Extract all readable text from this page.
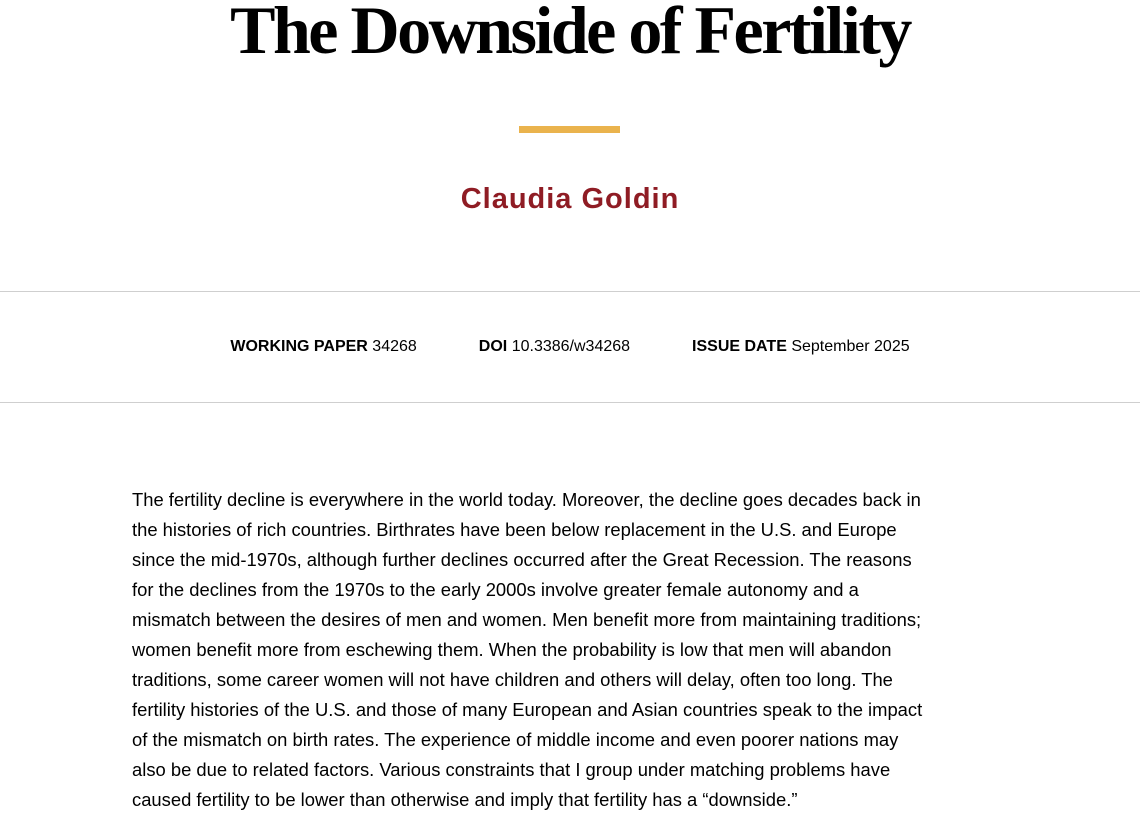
The Downside of Fertility
Claudia Goldin
WORKING PAPER 34268	DOI 10.3386/w34268	ISSUE DATE September 2025
The fertility decline is everywhere in the world today. Moreover, the decline goes decades back in
the histories of rich countries. Birthrates have been below replacement in the U.S. and Europe
since the mid-1970s, although further declines occurred after the Great Recession. The reasons
for the declines from the 1970s to the early 2000s involve greater female autonomy and a
mismatch between the desires of men and women. Men benefit more from maintaining traditions;
women benefit more from eschewing them. When the probability is low that men will abandon
traditions, some career women will not have children and others will delay, often too long. The
fertility histories of the U.S. and those of many European and Asian countries speak to the impact
of the mismatch on birth rates. The experience of middle income and even poorer nations may
also be due to related factors. Various constraints that I group under matching problems have
caused fertility to be lower than otherwise and imply that fertility has a “downside.”
